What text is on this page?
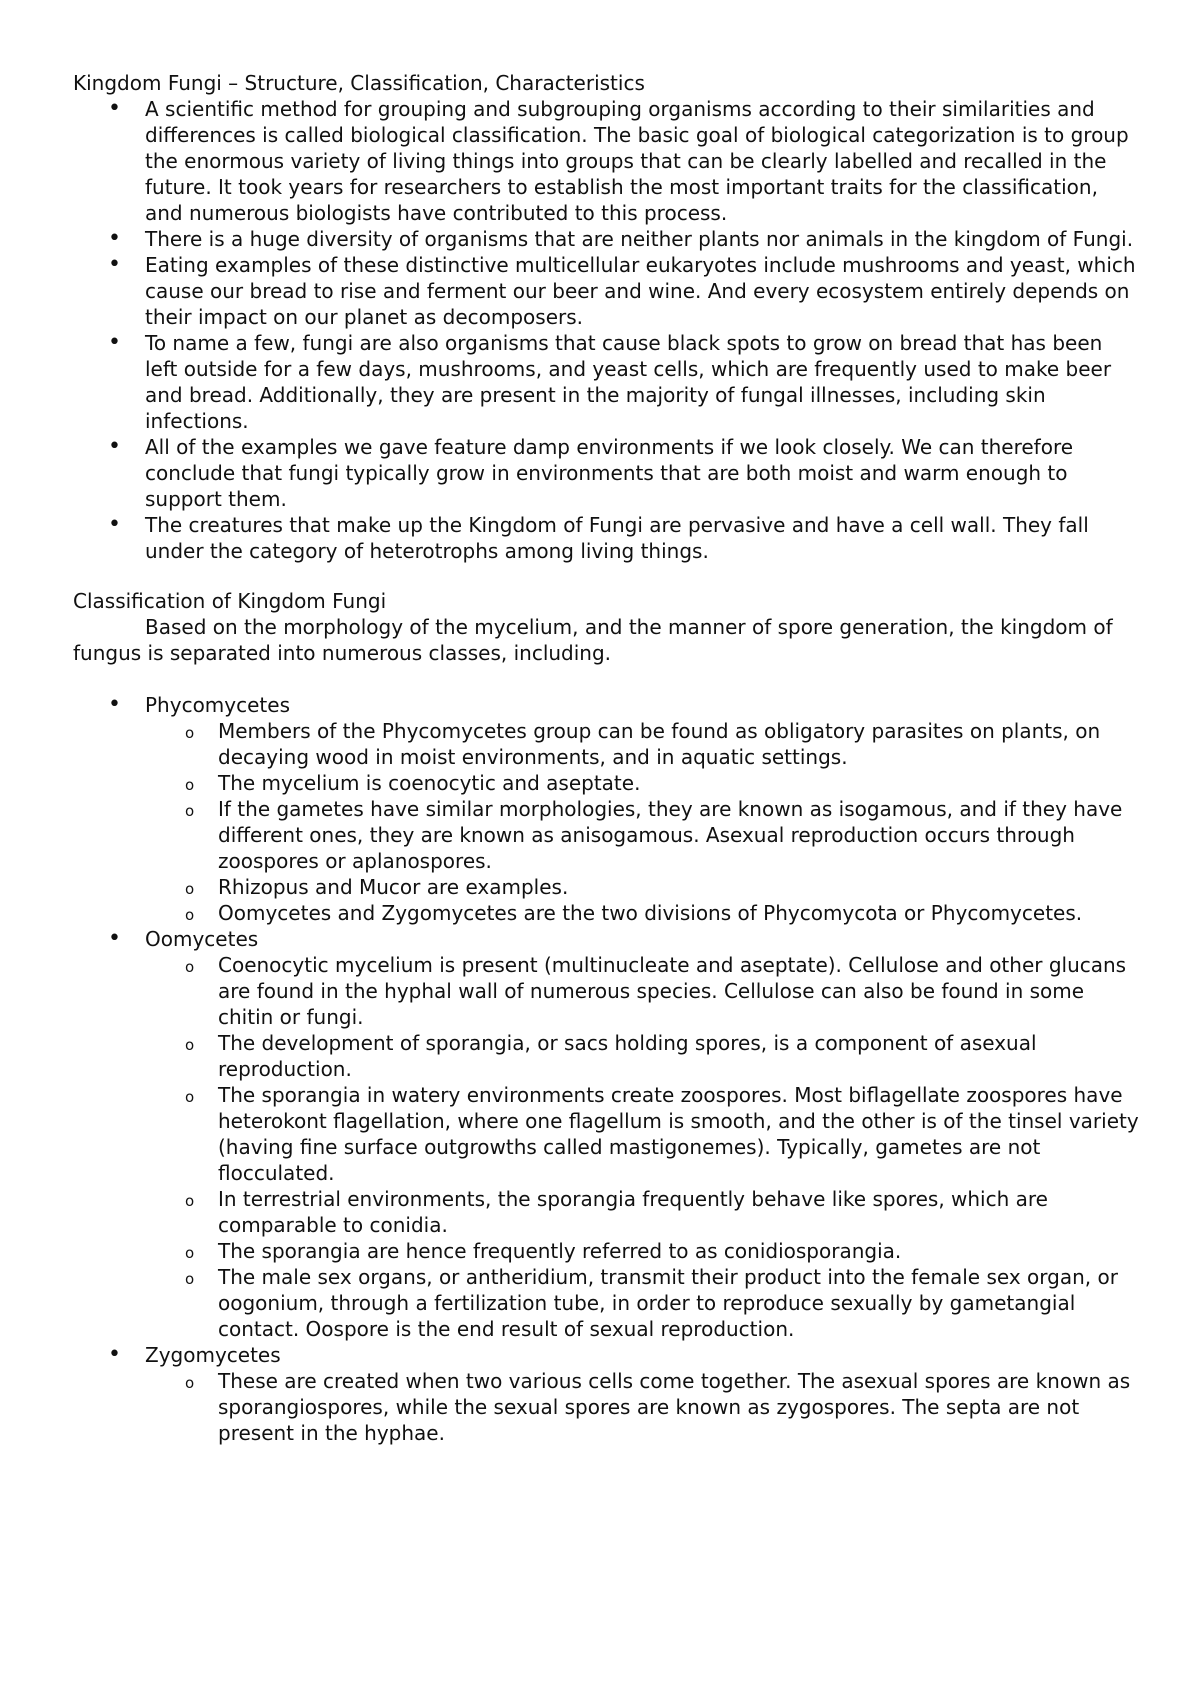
Kingdom Fungi – Structure, Classification, Characteristics
• A scientific method for grouping and subgrouping organisms according to their similarities and differences is called biological classification. The basic goal of biological categorization is to group the enormous variety of living things into groups that can be clearly labelled and recalled in the future. It took years for researchers to establish the most important traits for the classification, and numerous biologists have contributed to this process.
• There is a huge diversity of organisms that are neither plants nor animals in the kingdom of Fungi.
• Eating examples of these distinctive multicellular eukaryotes include mushrooms and yeast, which cause our bread to rise and ferment our beer and wine. And every ecosystem entirely depends on their impact on our planet as decomposers.
• To name a few, fungi are also organisms that cause black spots to grow on bread that has been left outside for a few days, mushrooms, and yeast cells, which are frequently used to make beer and bread. Additionally, they are present in the majority of fungal illnesses, including skin infections.
• All of the examples we gave feature damp environments if we look closely. We can therefore conclude that fungi typically grow in environments that are both moist and warm enough to support them.
• The creatures that make up the Kingdom of Fungi are pervasive and have a cell wall. They fall under the category of heterotrophs among living things.
Classification of Kingdom Fungi

Based on the morphology of the mycelium, and the manner of spore generation, the kingdom of fungus is separated into numerous classes, including.

• Phycomycetes
o Members of the Phycomycetes group can be found as obligatory parasites on plants, on decaying wood in moist environments, and in aquatic settings.
o The mycelium is coenocytic and aseptate.
o If the gametes have similar morphologies, they are known as isogamous, and if they have different ones, they are known as anisogamous. Asexual reproduction occurs through zoospores or aplanospores.
o Rhizopus and Mucor are examples.
o Oomycetes and Zygomycetes are the two divisions of Phycomycota or Phycomycetes.
• Oomycetes
o Coenocytic mycelium is present (multinucleate and aseptate). Cellulose and other glucans are found in the hyphal wall of numerous species. Cellulose can also be found in some chitin or fungi.
o The development of sporangia, or sacs holding spores, is a component of asexual reproduction.
o The sporangia in watery environments create zoospores. Most biflagellate zoospores have heterokont flagellation, where one flagellum is smooth, and the other is of the tinsel variety (having fine surface outgrowths called mastigonemes). Typically, gametes are not flocculated.
o In terrestrial environments, the sporangia frequently behave like spores, which are comparable to conidia.
o The sporangia are hence frequently referred to as conidiosporangia.
o The male sex organs, or antheridium, transmit their product into the female sex organ, or oogonium, through a fertilization tube, in order to reproduce sexually by gametangial contact. Oospore is the end result of sexual reproduction.
• Zygomycetes
o These are created when two various cells come together. The asexual spores are known as sporangiospores, while the sexual spores are known as zygospores. The septa are not present in the hyphae.
